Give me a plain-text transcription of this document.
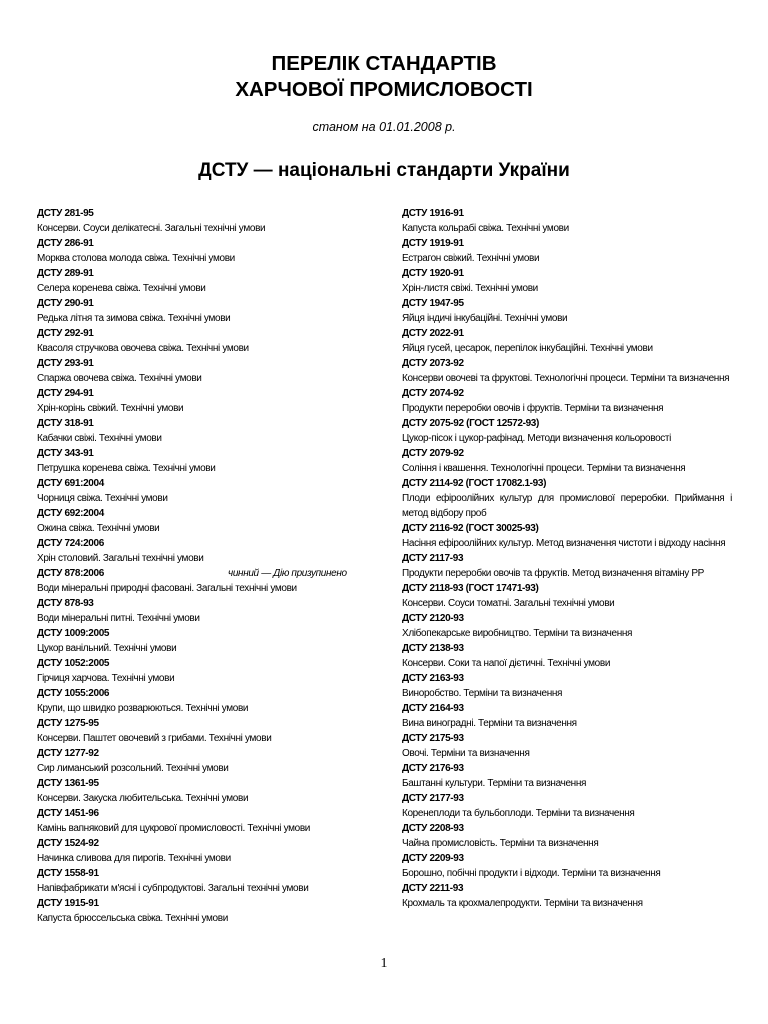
ПЕРЕЛІК СТАНДАРТІВ
ХАРЧОВОЇ ПРОМИСЛОВОСТІ
станом на 01.01.2008 р.
ДСТУ — національні стандарти України
ДСТУ 281-95
Консерви. Соуси делікатесні. Загальні технічні умови
ДСТУ 286-91
Морква столова молода свіжа. Технічні умови
ДСТУ 289-91
Селера коренева свіжа. Технічні умови
ДСТУ 290-91
Редька літня та зимова свіжа. Технічні умови
ДСТУ 292-91
Квасоля стручкова овочева свіжа. Технічні умови
ДСТУ 293-91
Спаржа овочева свіжа. Технічні умови
ДСТУ 294-91
Хрін-корінь свіжий. Технічні умови
ДСТУ 318-91
Кабачки свіжі. Технічні умови
ДСТУ 343-91
Петрушка коренева свіжа. Технічні умови
ДСТУ 691:2004
Чорниця свіжа. Технічні умови
ДСТУ 692:2004
Ожина свіжа. Технічні умови
ДСТУ 724:2006
Хрін столовий. Загальні технічні умови
ДСТУ 878:2006	чинний — Дію призупинено
Води мінеральні природні фасовані. Загальні технічні умови
ДСТУ 878-93
Води мінеральні питні. Технічні умови
ДСТУ 1009:2005
Цукор ванільний. Технічні умови
ДСТУ 1052:2005
Гірчиця харчова. Технічні умови
ДСТУ 1055:2006
Крупи, що швидко розварюються. Технічні умови
ДСТУ 1275-95
Консерви. Паштет овочевий з грибами. Технічні умови
ДСТУ 1277-92
Сир лиманський розсольний. Технічні умови
ДСТУ 1361-95
Консерви. Закуска любительська. Технічні умови
ДСТУ 1451-96
Камінь вапняковий для цукрової промисловості. Технічні умови
ДСТУ 1524-92
Начинка сливова для пирогів. Технічні умови
ДСТУ 1558-91
Напівфабрикати м'ясні і субпродуктові. Загальні технічні умови
ДСТУ 1915-91
Капуста брюссельська свіжа. Технічні умови
ДСТУ 1916-91
Капуста кольрабі свіжа. Технічні умови
ДСТУ 1919-91
Естрагон свіжий. Технічні умови
ДСТУ 1920-91
Хрін-листя свіжі. Технічні умови
ДСТУ 1947-95
Яйця індичі інкубаційні. Технічні умови
ДСТУ 2022-91
Яйця гусей, цесарок, перепілок інкубаційні. Технічні умови
ДСТУ 2073-92
Консерви овочеві та фруктові. Технологічні процеси. Терміни та визначення
ДСТУ 2074-92
Продукти переробки овочів і фруктів. Терміни та визначення
ДСТУ 2075-92 (ГОСТ 12572-93)
Цукор-пісок і цукор-рафінад. Методи визначення кольоровості
ДСТУ 2079-92
Соління і квашення. Технологічні процеси. Терміни та визначення
ДСТУ 2114-92 (ГОСТ 17082.1-93)
Плоди ефіроолійних культур для промислової переробки. Приймання і метод відбору проб
ДСТУ 2116-92 (ГОСТ 30025-93)
Насіння ефіроолійних культур. Метод визначення чистоти і відходу насіння
ДСТУ 2117-93
Продукти переробки овочів та фруктів. Метод визначення вітаміну PP
ДСТУ 2118-93 (ГОСТ 17471-93)
Консерви. Соуси томатні. Загальні технічні умови
ДСТУ 2120-93
Хлібопекарське виробництво. Терміни та визначення
ДСТУ 2138-93
Консерви. Соки та напої дієтичні. Технічні умови
ДСТУ 2163-93
Виноробство. Терміни та визначення
ДСТУ 2164-93
Вина виноградні. Терміни та визначення
ДСТУ 2175-93
Овочі. Терміни та визначення
ДСТУ 2176-93
Баштанні культури. Терміни та визначення
ДСТУ 2177-93
Коренеплоди та бульбоплоди. Терміни та визначення
ДСТУ 2208-93
Чайна промисловість. Терміни та визначення
ДСТУ 2209-93
Борошно, побічні продукти і відходи. Терміни та визначення
ДСТУ 2211-93
Крохмаль та крохмалепродукти. Терміни та визначення
1
